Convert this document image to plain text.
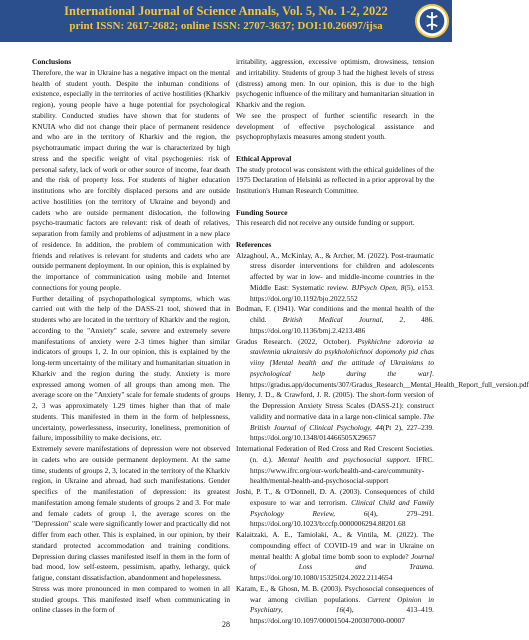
International Journal of Science Annals, Vol. 5, No. 1-2, 2022
print ISSN: 2617-2682; online ISSN: 2707-3637; DOI:10.26697/ijsa
Conclusions

Therefore, the war in Ukraine has a negative impact on the mental health of student youth. Despite the inhuman conditions of existence, especially in the territories of active hostilities (Kharkiv region), young people have a huge potential for psychological stability. Conducted studies have shown that for students of KNUIA who did not change their place of permanent residence and who are in the territory of Kharkiv and the region, the psychotraumatic impact during the war is characterized by high stress and the specific weight of vital psychogenies: risk of personal safety, lack of work or other source of income, fear death and the risk of property loss. For students of higher education institutions who are forcibly displaced persons and are outside active hostilities (on the territory of Ukraine and beyond) and cadets who are outside permanent dislocation, the following psycho-traumatic factors are relevant: risk of death of relatives, separation from family and problems of adjustment in a new place of residence. In addition, the problem of communication with friends and relatives is relevant for students and cadets who are outside permanent deployment. In our opinion, this is explained by the importance of communication using mobile and Internet connections for young people.

Further detailing of psychopathological symptoms, which was carried out with the help of the DASS-21 tool, showed that in students who are located in the territory of Kharkiv and the region, according to the "Anxiety" scale, severe and extremely severe manifestations of anxiety were 2-3 times higher than similar indicators of groups 1, 2. In our opinion, this is explained by the long-term uncertainty of the military and humanitarian situation in Kharkiv and the region during the study. Anxiety is more expressed among women of all groups than among men. The average score on the "Anxiety" scale for female students of groups 2, 3 was approximately 1.29 times higher than that of male students. This manifested in them in the form of helplessness, uncertainty, powerlessness, insecurity, loneliness, premonition of failure, impossibility to make decisions, etc.

Extremely severe manifestations of depression were not observed in cadets who are outside permanent deployment. At the same time, students of groups 2, 3, located in the territory of the Kharkiv region, in Ukraine and abroad, had such manifestations. Gender specifics of the manifestation of depression: its greatest manifestation among female students of groups 2 and 3. For male and female cadets of group 1, the average scores on the "Depression" scale were significantly lower and practically did not differ from each other. This is explained, in our opinion, by their standard protected accommodation and training conditions. Depression during classes manifested itself in them in the form of bad mood, low self-esteem, pessimism, apathy, lethargy, quick fatigue, constant dissatisfaction, abandonment and hopelessness.

Stress was more pronounced in men compared to women in all studied groups. This manifested itself when communicating in online classes in the form of

irritability, aggression, excessive optimism, drowsiness, tension and irritability. Students of group 3 had the highest levels of stress (distress) among men. In our opinion, this is due to the high psychogenic influence of the military and humanitarian situation in Kharkiv and the region.

We see the prospect of further scientific research in the development of effective psychological assistance and psychoprophylaxis measures among student youth.

Ethical Approval

The study protocol was consistent with the ethical guidelines of the 1975 Declaration of Helsinki as reflected in a prior approval by the Institution's Human Research Committee.

Funding Source

This research did not receive any outside funding or support.

References

Alzaghoul, A., McKinlay, A., & Archer, M. (2022). Post-traumatic stress disorder interventions for children and adolescents affected by war in low- and middle-income countries in the Middle East: Systematic review. BJPsych Open, 8(5), e153. https://doi.org/10.1192/bjo.2022.552

Bodman, F. (1941). War conditions and the mental health of the child. British Medical Journal, 2, 486. https://doi.org/10.1136/bmj.2.4213.486

Gradus Research. (2022, October). Psykhichne zdorovia ta stavlennia ukraintsiv do psykholohichnoi dopomohy pid chas viiny [Mental health and the attitude of Ukrainians to psychological help during the war]. https://gradus.app/documents/307/Gradus_Research__Mental_Health_Report_full_version.pdf

Henry, J. D., & Crawford, J. R. (2005). The short-form version of the Depression Anxiety Stress Scales (DASS-21): construct validity and normative data in a large non-clinical sample. The British Journal of Clinical Psychology, 44(Pt 2), 227–239. https://doi.org/10.1348/014466505X29657

International Federation of Red Cross and Red Crescent Societies. (n. d.). Mental health and psychosocial support. IFRC. https://www.ifrc.org/our-work/health-and-care/community-health/mental-health-and-psychosocial-support

Joshi, P. T., & O'Donnell, D. A. (2003). Consequences of child exposure to war and terrorism. Clinical Child and Family Psychology Review, 6(4), 279–291. https://doi.org/10.1023/b:ccfp.0000006294.88201.68

Kalaitzaki, A. E., Tamiolaki, A., & Vintila, M. (2022). The compounding effect of COVID-19 and war in Ukraine on mental health: A global time bomb soon to explode? Journal of Loss and Trauma. https://doi.org/10.1080/15325024.2022.2114654

Karam, E., & Ghosn, M. B. (2003). Psychosocial consequences of war among civilian populations. Current Opinion in Psychiatry, 16(4), 413–419. https://doi.org/10.1097/00001504-200307000-00007

28
